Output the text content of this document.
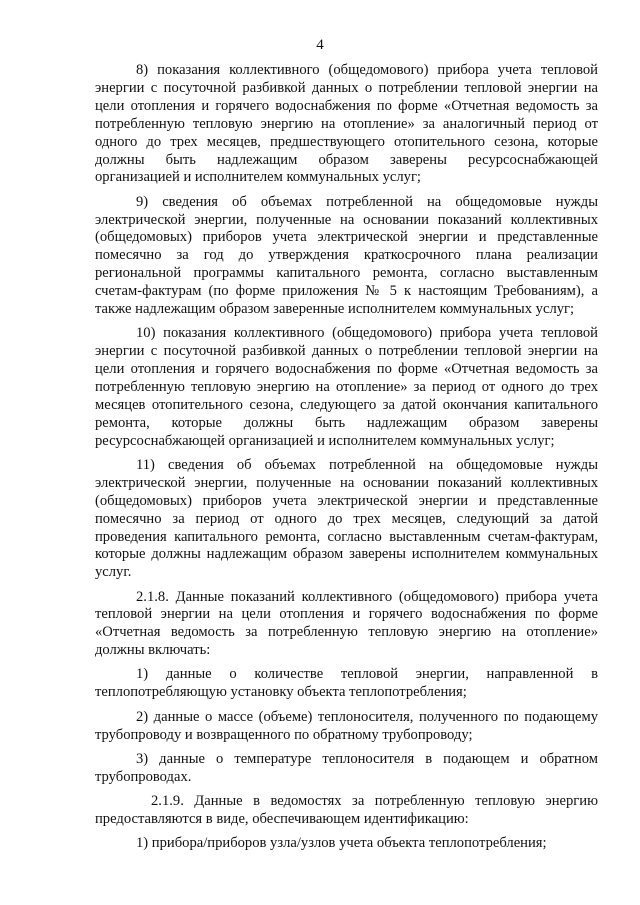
4

8) показания коллективного (общедомового) прибора учета тепловой энергии с посуточной разбивкой данных о потреблении тепловой энергии на цели отопления и горячего водоснабжения по форме «Отчетная ведомость за потребленную тепловую энергию на отопление» за аналогичный период от одного до трех месяцев, предшествующего отопительного сезона, которые должны быть надлежащим образом заверены ресурсоснабжающей организацией и исполнителем коммунальных услуг;

9) сведения об объемах потребленной на общедомовые нужды электрической энергии, полученные на основании показаний коллективных (общедомовых) приборов учета электрической энергии и представленные помесячно за год до утверждения краткосрочного плана реализации региональной программы капитального ремонта, согласно выставленным счетам-фактурам (по форме приложения № 5 к настоящим Требованиям), а также надлежащим образом заверенные исполнителем коммунальных услуг;

10) показания коллективного (общедомового) прибора учета тепловой энергии с посуточной разбивкой данных о потреблении тепловой энергии на цели отопления и горячего водоснабжения по форме «Отчетная ведомость за потребленную тепловую энергию на отопление» за период от одного до трех месяцев отопительного сезона, следующего за датой окончания капитального ремонта, которые должны быть надлежащим образом заверены ресурсоснабжающей организацией и исполнителем коммунальных услуг;

11) сведения об объемах потребленной на общедомовые нужды электрической энергии, полученные на основании показаний коллективных (общедомовых) приборов учета электрической энергии и представленные помесячно за период от одного до трех месяцев, следующий за датой проведения капитального ремонта, согласно выставленным счетам-фактурам, которые должны надлежащим образом заверены исполнителем коммунальных услуг.

2.1.8. Данные показаний коллективного (общедомового) прибора учета тепловой энергии на цели отопления и горячего водоснабжения по форме «Отчетная ведомость за потребленную тепловую энергию на отопление» должны включать:

1) данные о количестве тепловой энергии, направленной в теплопотребляющую установку объекта теплопотребления;

2) данные о массе (объеме) теплоносителя, полученного по подающему трубопроводу и возвращенного по обратному трубопроводу;

3) данные о температуре теплоносителя в подающем и обратном трубопроводах.

2.1.9. Данные в ведомостях за потребленную тепловую энергию предоставляются в виде, обеспечивающем идентификацию:

1) прибора/приборов узла/узлов учета объекта теплопотребления;
